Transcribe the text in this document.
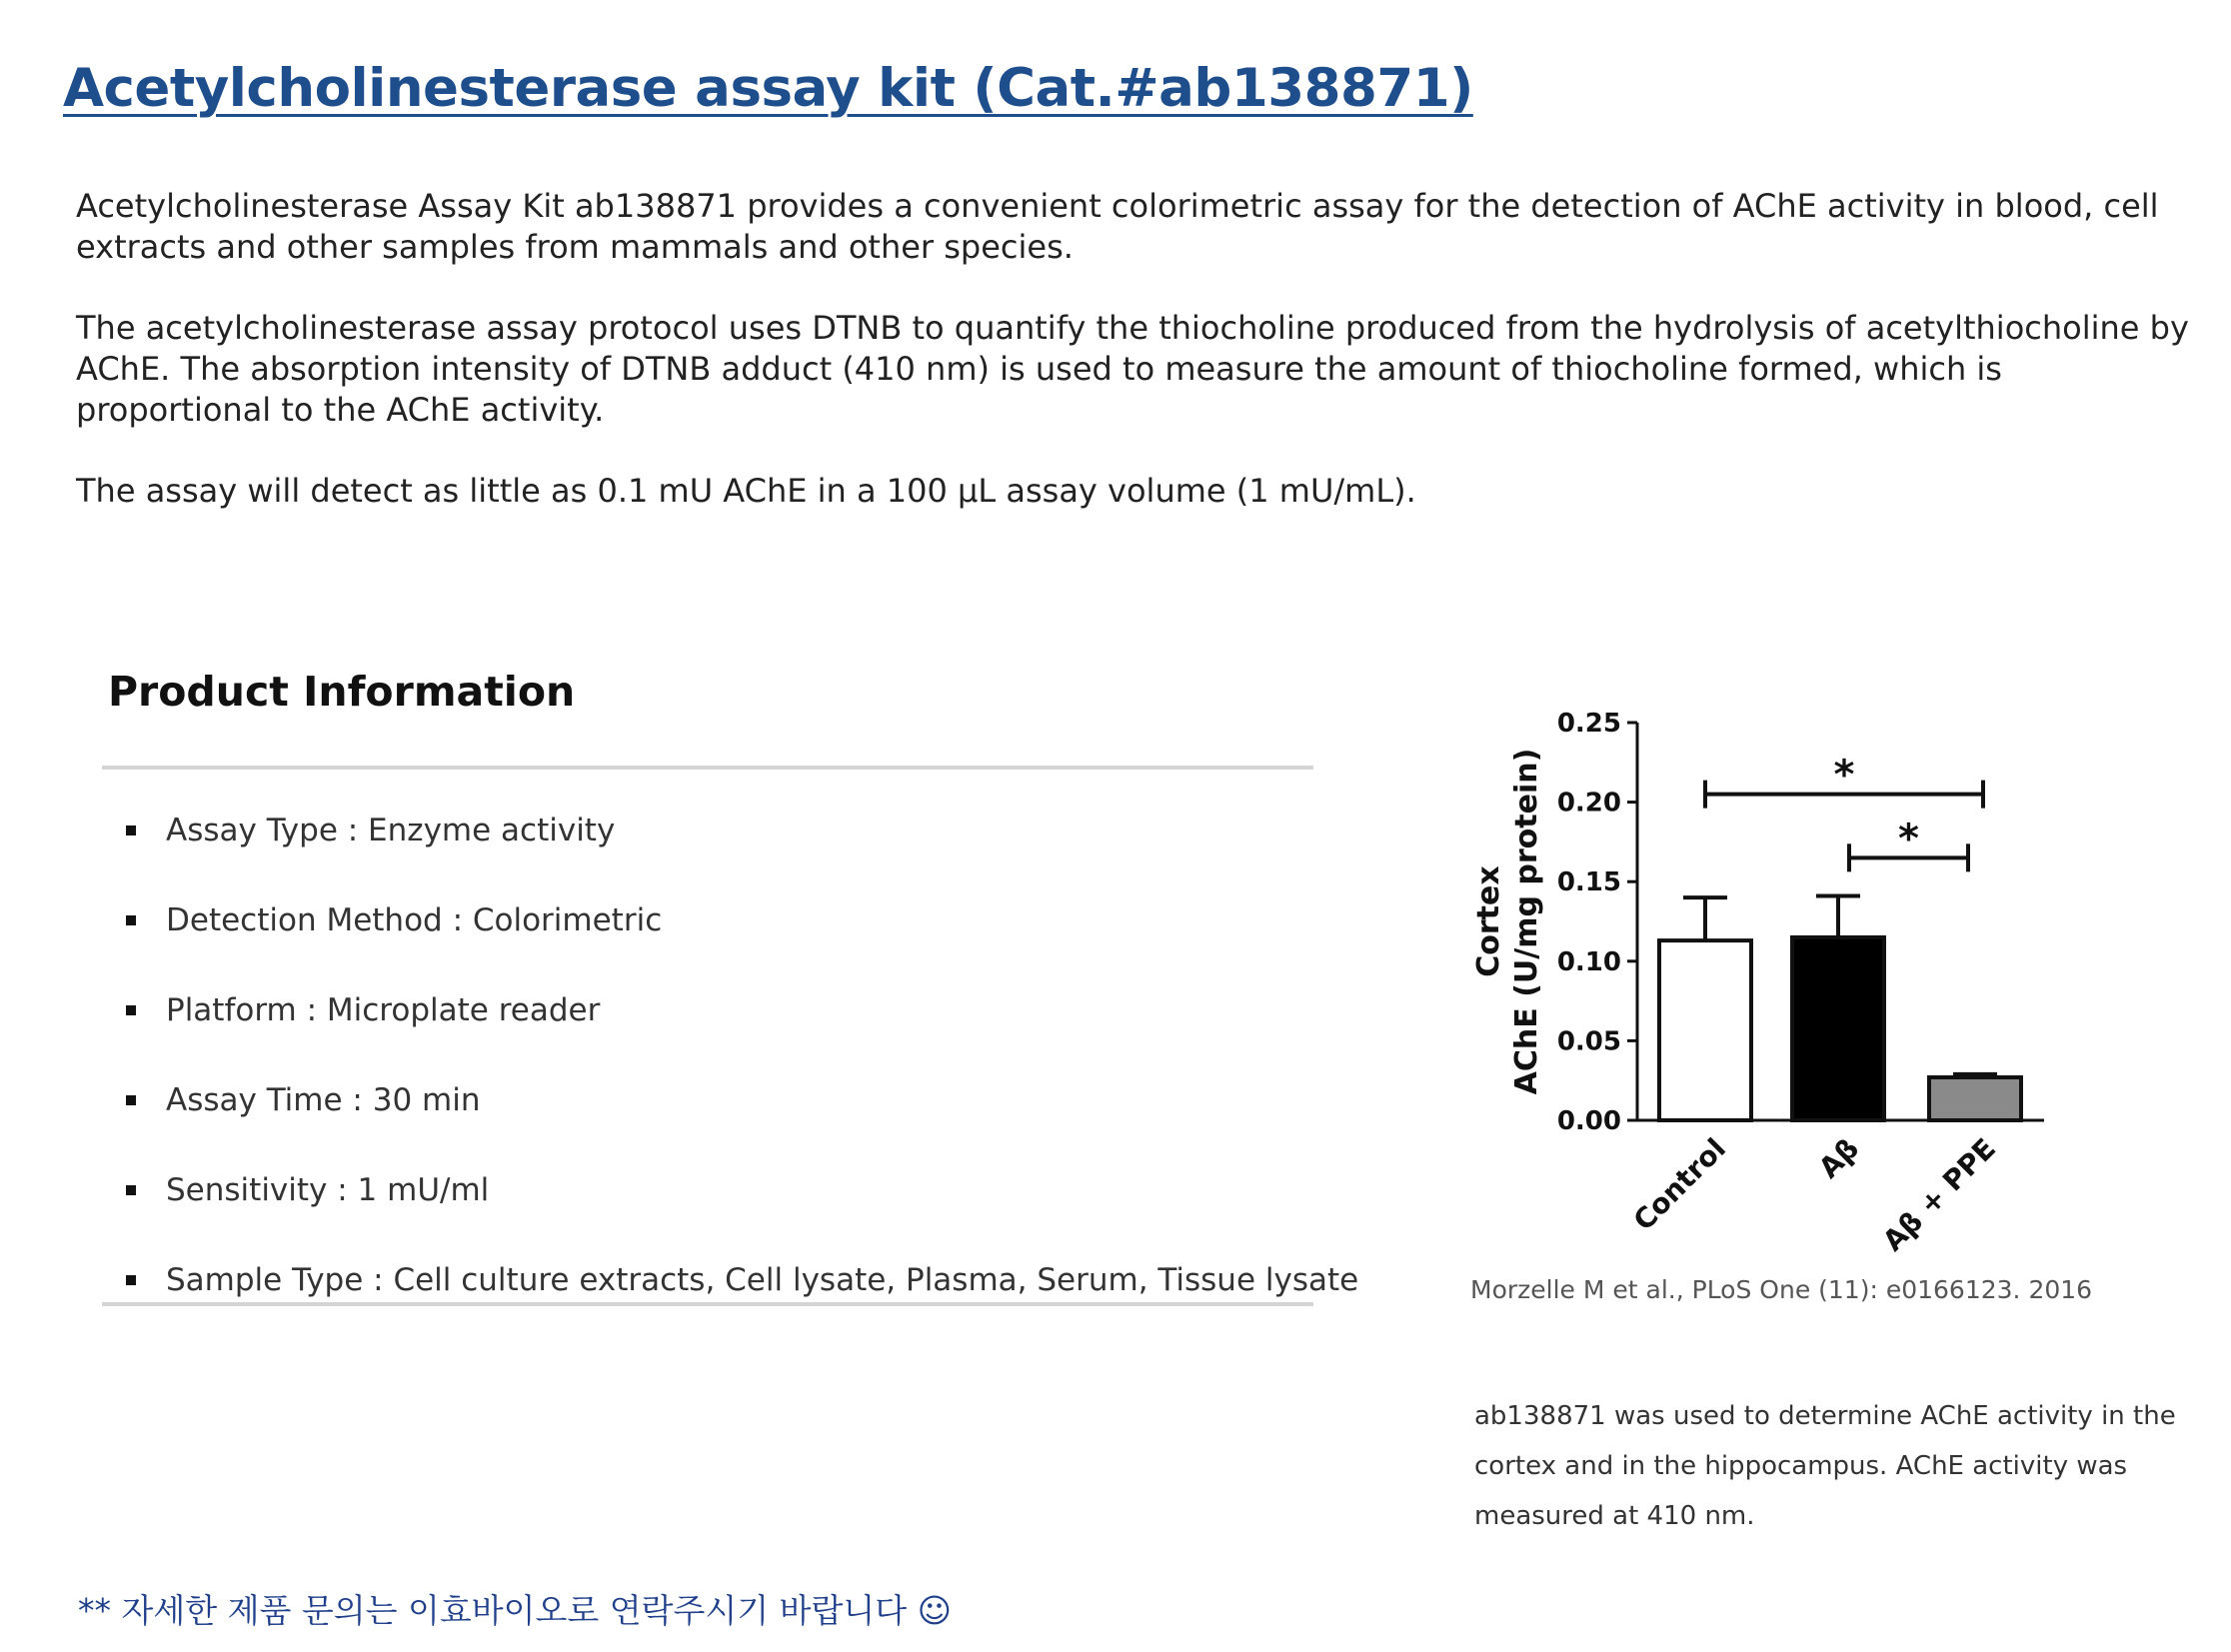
Acetylcholinesterase assay kit (Cat.#ab138871)

Acetylcholinesterase Assay Kit ab138871 provides a convenient colorimetric assay for the detection of AChE activity in blood, cell extracts and other samples from mammals and other species.

The acetylcholinesterase assay protocol uses DTNB to quantify the thiocholine produced from the hydrolysis of acetylthiocholine by AChE. The absorption intensity of DTNB adduct (410 nm) is used to measure the amount of thiocholine formed, which is proportional to the AChE activity.

The assay will detect as little as 0.1 mU AChE in a 100 µL assay volume (1 mU/mL).

Product Information
Assay Type : Enzyme activity
Detection Method : Colorimetric
Platform : Microplate reader
Assay Time : 30 min
Sensitivity : 1 mU/ml
Sample Type : Cell culture extracts, Cell lysate, Plasma, Serum, Tissue lysate
0.00
0.05
0.10
0.15
0.20
0.25
Cortex AChE (U/mg protein)
Control	Aβ Aβ + PPE
*
*
Morzelle M et al., PLoS One (11): e0166123. 2016
ab138871 was used to determine AChE activity in the cortex and in the hippocampus. AChE activity was measured at 410 nm.
** 자세한 제품 문의는 이효바이오로 연락주시기 바랍니다 ☺
